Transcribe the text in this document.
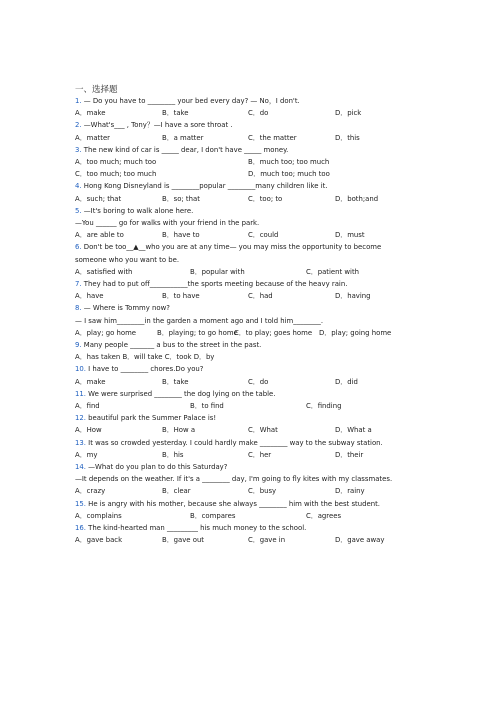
一、选择题
1. — Do you have to ________ your bed every day? — No，I don't.
A．make	B．take	C．do	D．pick
2. —What's___ , Tony？—I have a sore throat .
A．matter	B．a matter	C．the matter	D．this
3. The new kind of car is _____ dear, I don't have _____ money.
A．too much; much too	B．much too; too much
C．too much; too much	D．much too; much too
4. Hong Kong Disneyland is ________popular ________many children like it.
A．such; that	B．so; that	C．too; to	D．both;and
5. —It's boring to walk alone here.
—You ______ go for walks with your friend in the park.
A．are able to	B．have to	C．could	D．must
6. Don't be too__▲__who you are at any time— you may miss the opportunity to become
someone who you want to be.
A．satisfied with	B．popular with	C．patient with
7. They had to put off___________the sports meeting because of the heavy rain.
A．have	B．to have	C．had	D．having
8. — Where is Tommy now?
— I saw him________in the garden a moment ago and I told him________.
A．play; go home	B．playing; to go home
C．to play; goes home D．play; going home
9. Many people _______ a bus to the street in the past.
A．has taken B．will take C．took D．by
10. I have to ________ chores.Do you?
A．make	B．take	C．do	D．did
11. We were surprised ________ the dog lying on the table.
A．find	B．to find	C．finding
12. beautiful park the Summer Palace is!
A．How	B．How a	C．What	D．What a
13. It was so crowded yesterday. I could hardly make ________ way to the subway station.
A．my	B．his	C．her	D．their
14. —What do you plan to do this Saturday?
—It depends on the weather. If it's a ________ day, I'm going to fly kites with my classmates.
A．crazy	B．clear	C．busy	D．rainy
15. He is angry with his mother, because she always ________ him with the best student.
A．complains	B．compares	C．agrees
16. The kind-hearted man _________ his much money to the school.
A．gave back	B．gave out	C．gave in	D．gave away
